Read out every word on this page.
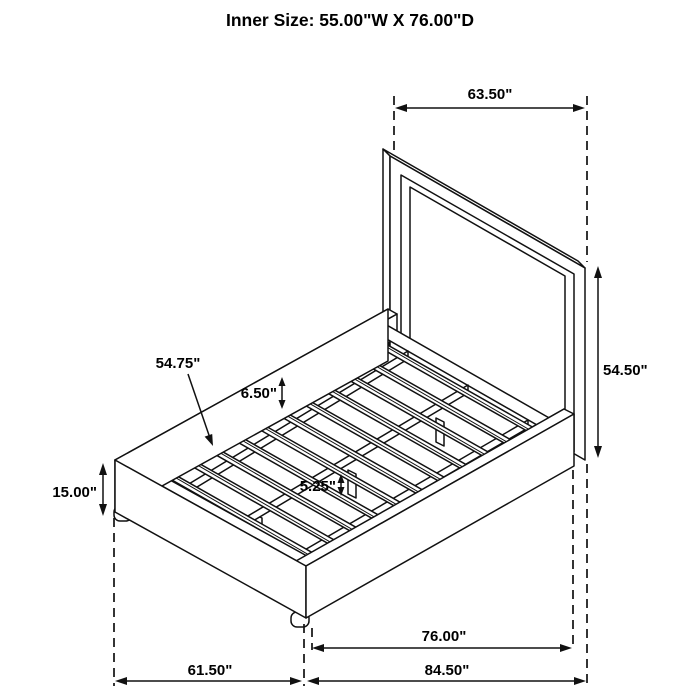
Inner Size: 55.00"W X 76.00"D
63.50"
54.50"
54.75"
6.50"
5.25"
15.00"
76.00"
61.50"	84.50"
